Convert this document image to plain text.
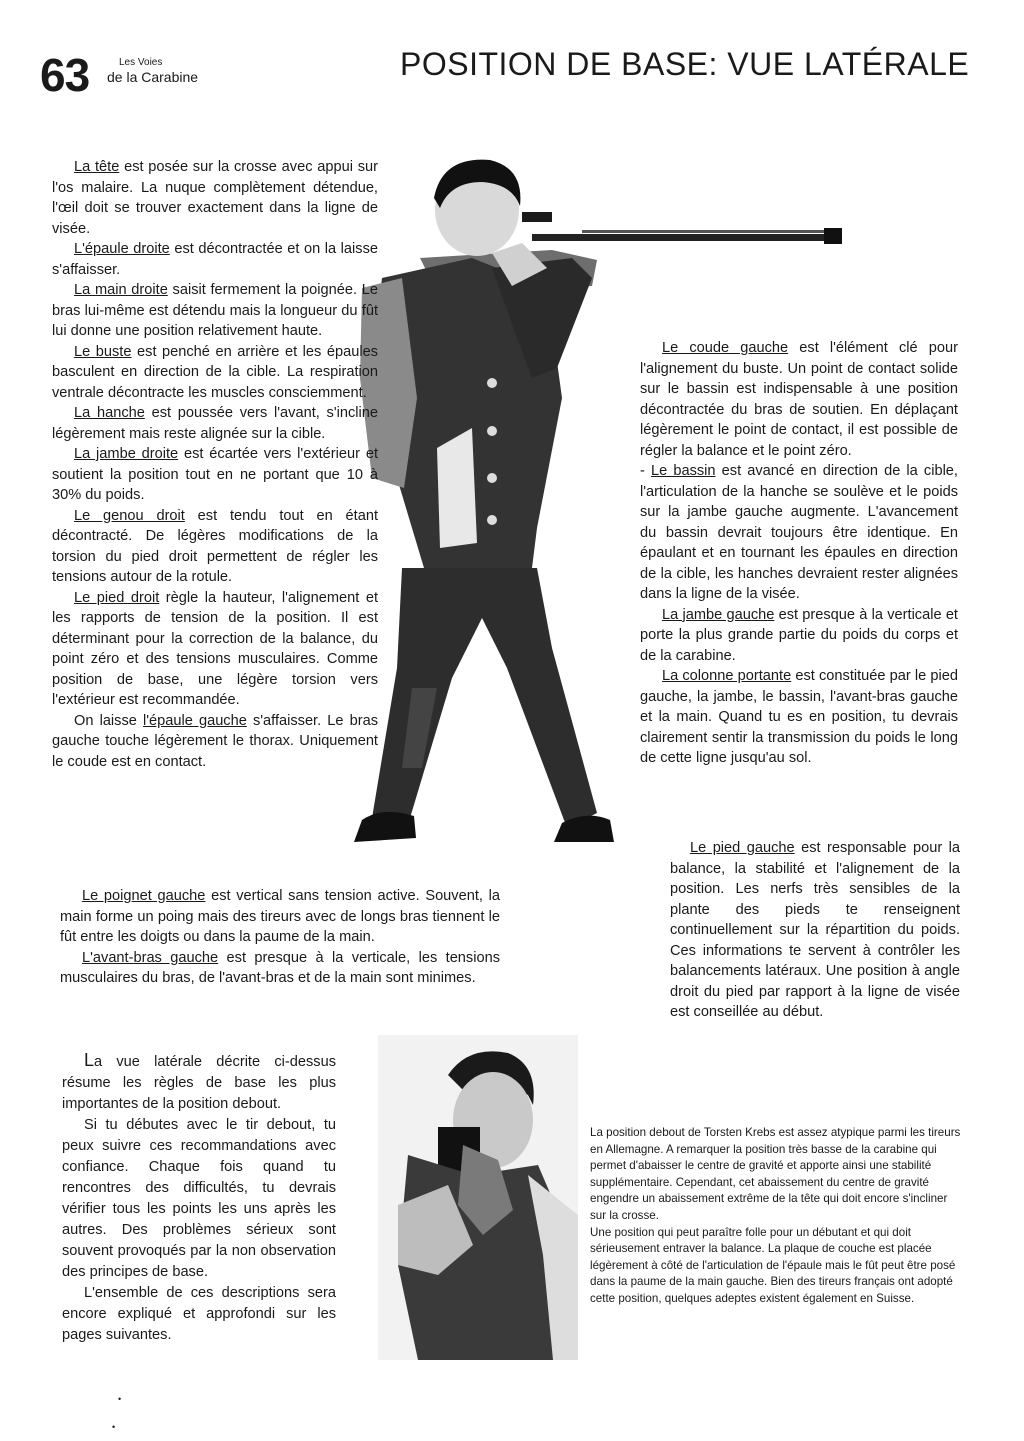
63	Les Voies
de la Carabine	POSITION DE BASE: VUE LATÉRALE

La tête est posée sur la crosse avec appui sur l'os malaire. La nuque complètement détendue, l'œil doit se trouver exactement dans la ligne de visée.

L'épaule droite est décontractée et on la laisse s'affaisser.

La main droite saisit fermement la poignée. Le bras lui-même est détendu mais la longueur du fût lui donne une position relativement haute.

Le buste est penché en arrière et les épaules basculent en direction de la cible. La respiration ventrale décontracte les muscles consciemment.

La hanche est poussée vers l'avant, s'incline légèrement mais reste alignée sur la cible.

La jambe droite est écartée vers l'extérieur et soutient la position tout en ne portant que 10 à 30% du poids.

Le genou droit est tendu tout en étant décontracté. De légères modifications de la torsion du pied droit permettent de régler les tensions autour de la rotule.

Le pied droit règle la hauteur, l'alignement et les rapports de tension de la position. Il est déterminant pour la correction de la balance, du point zéro et des tensions musculaires. Comme position de base, une légère torsion vers l'extérieur est recommandée.

On laisse l'épaule gauche s'affaisser. Le bras gauche touche légèrement le thorax. Uniquement le coude est en contact.

Le poignet gauche est vertical sans tension active. Souvent, la main forme un poing mais des tireurs avec de longs bras tiennent le fût entre les doigts ou dans la paume de la main.

L'avant-bras gauche est presque à la verticale, les tensions musculaires du bras, de l'avant-bras et de la main sont minimes.

Le coude gauche est l'élément clé pour l'alignement du buste. Un point de contact solide sur le bassin est indispensable à une position décontractée du bras de soutien. En déplaçant légèrement le point de contact, il est possible de régler la balance et le point zéro.

- Le bassin est avancé en direction de la cible, l'articulation de la hanche se soulève et le poids sur la jambe gauche augmente. L'avancement du bassin devrait toujours être identique. En épaulant et en tournant les épaules en direction de la cible, les hanches devraient rester alignées dans la ligne de la visée.

La jambe gauche est presque à la verticale et porte la plus grande partie du poids du corps et de la carabine.

La colonne portante est constituée par le pied gauche, la jambe, le bassin, l'avant-bras gauche et la main. Quand tu es en position, tu devrais clairement sentir la transmission du poids le long de cette ligne jusqu'au sol.

Le pied gauche est responsable pour la balance, la stabilité et l'alignement de la position. Les nerfs très sensibles de la plante des pieds te renseignent continuellement sur la répartition du poids. Ces informations te servent à contrôler les balancements latéraux. Une position à angle droit du pied par rapport à la ligne de visée est conseillée au début.

La vue latérale décrite ci-dessus résume les règles de base les plus importantes de la position debout.

Si tu débutes avec le tir debout, tu peux suivre ces recommandations avec confiance. Chaque fois quand tu rencontres des difficultés, tu devrais vérifier tous les points les uns après les autres. Des problèmes sérieux sont souvent provoqués par la non observation des principes de base.

L'ensemble de ces descriptions sera encore expliqué et approfondi sur les pages suivantes.

La position debout de Torsten Krebs est assez atypique parmi les tireurs en Allemagne. A remarquer la position très basse de la carabine qui permet d'abaisser le centre de gravité et apporte ainsi une stabilité supplémentaire. Cependant, cet abaissement du centre de gravité engendre un abaissement extrême de la tête qui doit encore s'incliner sur la crosse.

Une position qui peut paraître folle pour un débutant et qui doit sérieusement entraver la balance. La plaque de couche est placée légèrement à côté de l'articulation de l'épaule mais le fût peut être posé dans la paume de la main gauche. Bien des tireurs français ont adopté cette position, quelques adeptes existent également en Suisse.

•
•
